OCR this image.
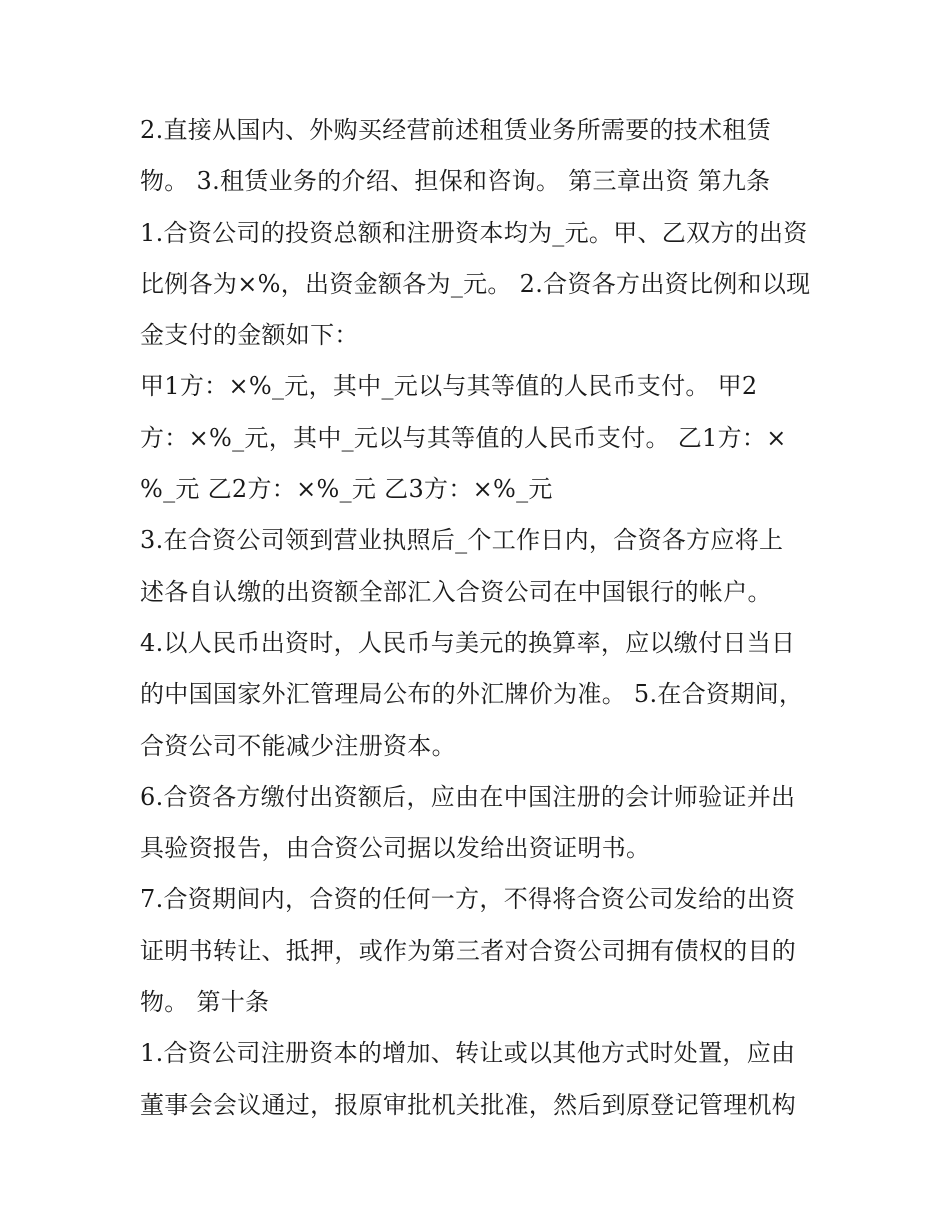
2.直接从国内、外购买经营前述租赁业务所需要的技术租赁
物。 3.租赁业务的介绍、担保和咨询。 第三章出资 第九条
1.合资公司的投资总额和注册资本均为_元。甲、乙双方的出资
比例各为×%，出资金额各为_元。 2.合资各方出资比例和以现
金支付的金额如下：
甲1方：×%_元，其中_元以与其等值的人民币支付。 甲2
方：×%_元，其中_元以与其等值的人民币支付。 乙1方：×
%_元 乙2方：×%_元 乙3方：×%_元
3.在合资公司领到营业执照后_个工作日内，合资各方应将上
述各自认缴的出资额全部汇入合资公司在中国银行的帐户。
4.以人民币出资时，人民币与美元的换算率，应以缴付日当日
的中国国家外汇管理局公布的外汇牌价为准。 5.在合资期间，
合资公司不能减少注册资本。
6.合资各方缴付出资额后，应由在中国注册的会计师验证并出
具验资报告，由合资公司据以发给出资证明书。
7.合资期间内，合资的任何一方，不得将合资公司发给的出资
证明书转让、抵押，或作为第三者对合资公司拥有债权的目的
物。 第十条
1.合资公司注册资本的增加、转让或以其他方式时处置，应由
董事会会议通过，报原审批机关批准，然后到原登记管理机构
